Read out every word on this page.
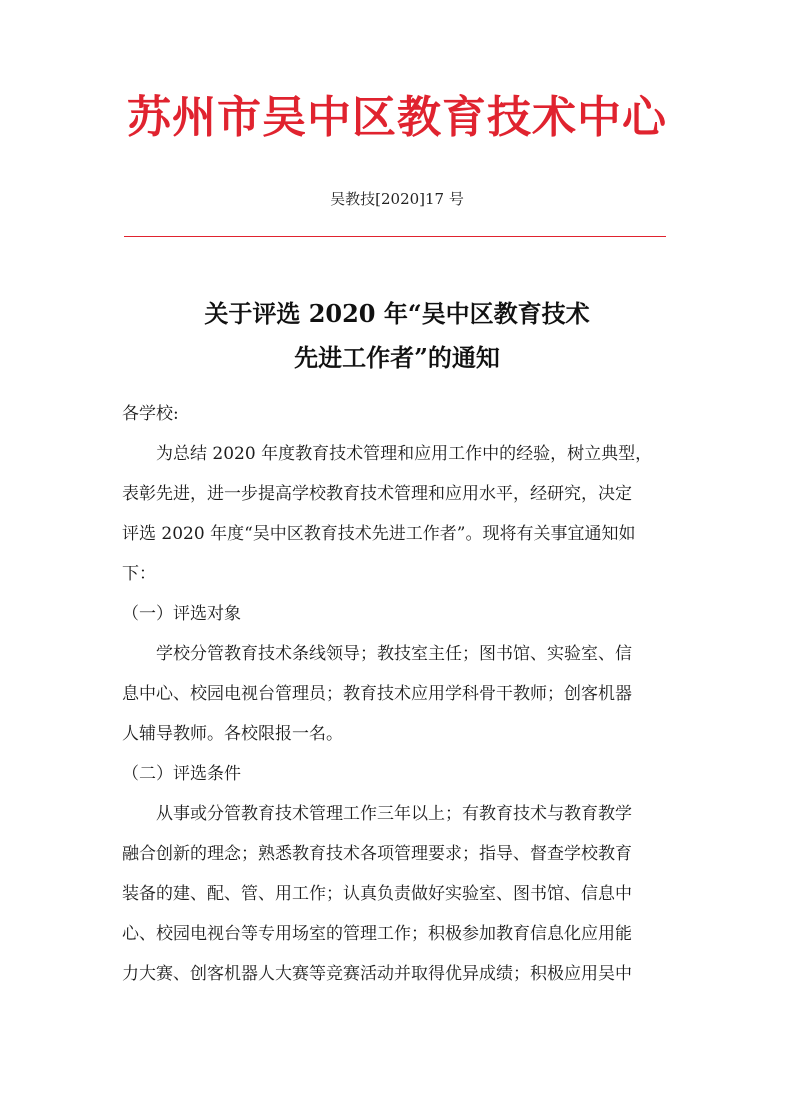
苏州市吴中区教育技术中心
吴教技[2020]17 号
关于评选 2020 年“吴中区教育技术
先进工作者”的通知

各学校:

为总结 2020 年度教育技术管理和应用工作中的经验，树立典型，

表彰先进，进一步提高学校教育技术管理和应用水平，经研究，决定

评选 2020 年度“吴中区教育技术先进工作者”。现将有关事宜通知如

下：

（一）评选对象

学校分管教育技术条线领导；教技室主任；图书馆、实验室、信

息中心、校园电视台管理员；教育技术应用学科骨干教师；创客机器

人辅导教师。各校限报一名。

（二）评选条件

从事或分管教育技术管理工作三年以上；有教育技术与教育教学

融合创新的理念；熟悉教育技术各项管理要求；指导、督查学校教育

装备的建、配、管、用工作；认真负责做好实验室、图书馆、信息中

心、校园电视台等专用场室的管理工作；积极参加教育信息化应用能

力大赛、创客机器人大赛等竞赛活动并取得优异成绩；积极应用吴中
